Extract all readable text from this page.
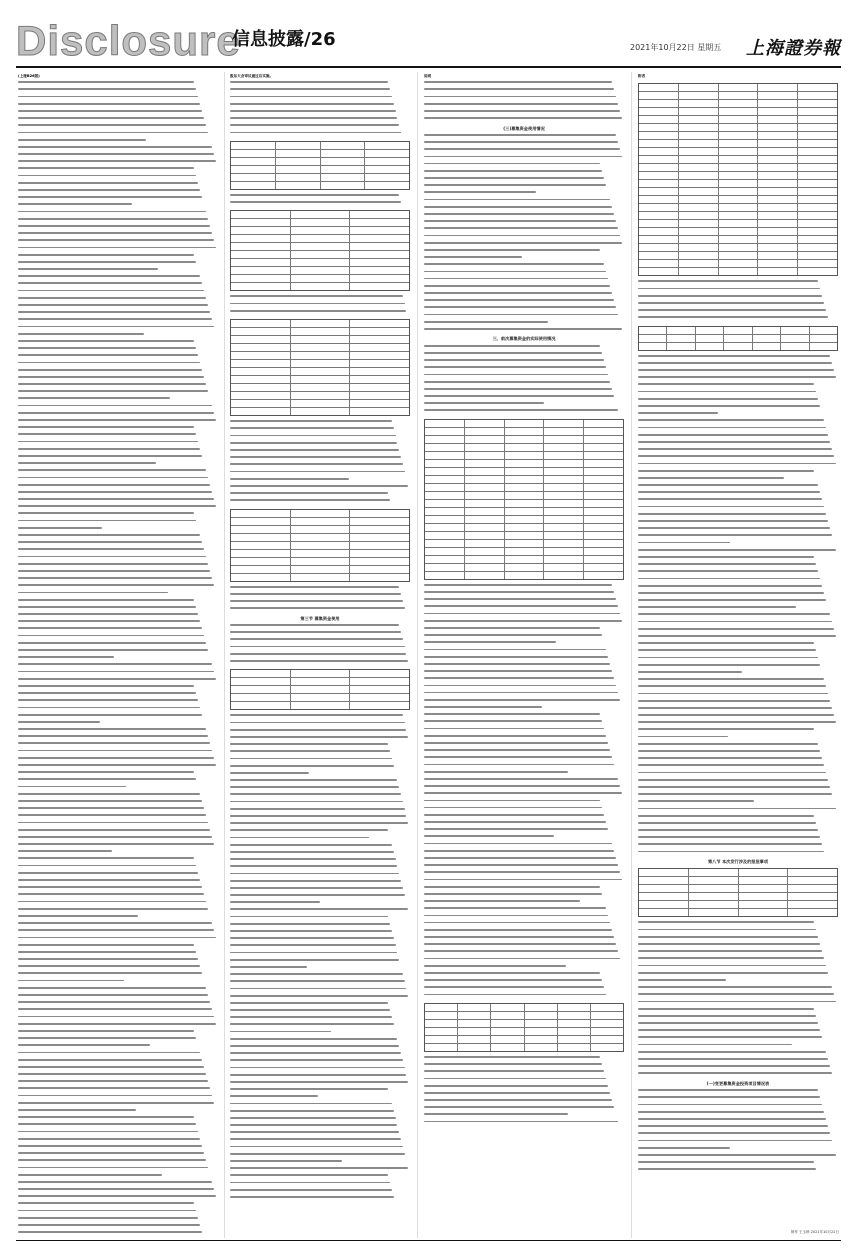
Disclosure
信息披露/26	2021年10月22日 星期五 上海證券報
(上接B26版)	股东大会审议通过后实施。
第三节 募集资金使用
说明
(三)募集资金使用情况
三、前次募集资金的实际使用情况
附表
第八节 本次发行涉及的报批事项
(一)变更募集资金投资项目情况表
制作 王玉珍 2021年10月22日
